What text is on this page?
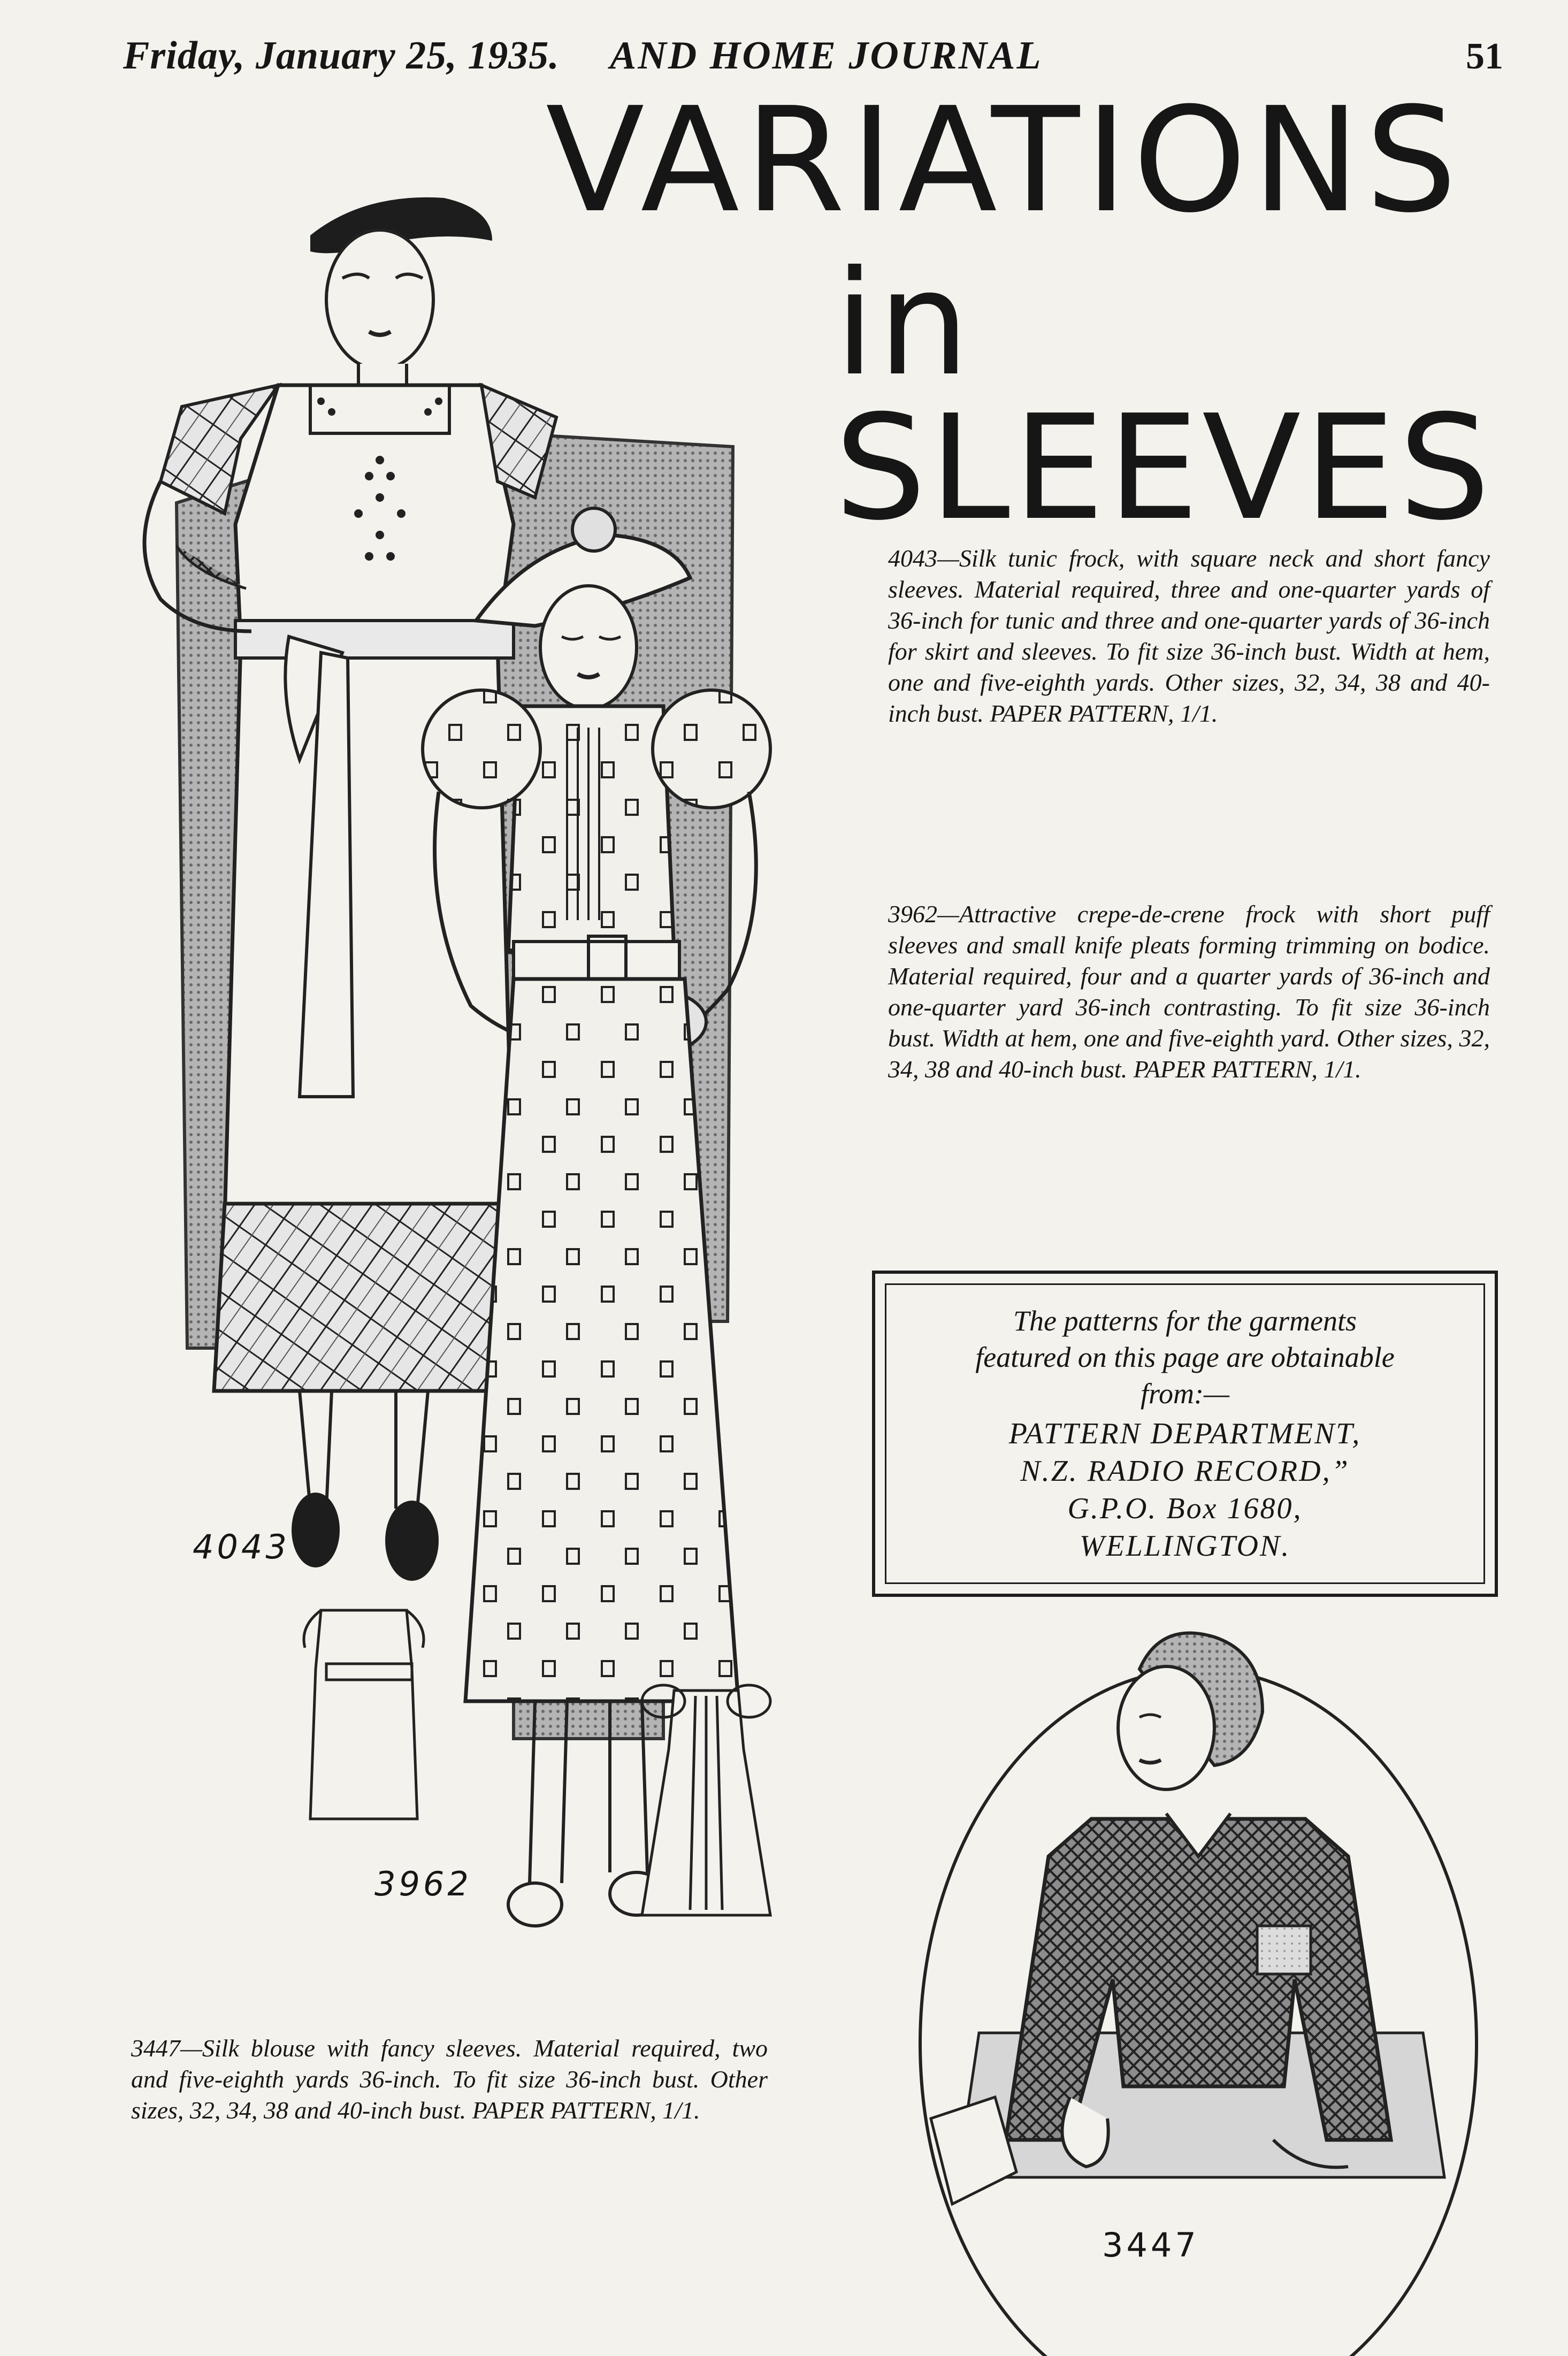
Friday, January 25, 1935. AND HOME JOURNAL	51
VARIATIONS
in SLEEVES
4043
3962
3447
4043—Silk tunic frock, with square neck and short fancy sleeves. Material required, three and one-quarter yards of 36-inch for tunic and three and one-quarter yards of 36-inch for skirt and sleeves. To fit size 36-inch bust. Width at hem, one and five-eighth yards. Other sizes, 32, 34, 38 and 40-inch bust. PAPER PATTERN, 1/1.
3962—Attractive crepe-de-crene frock with short puff sleeves and small knife pleats forming trimming on bodice. Material required, four and a quarter yards of 36-inch and one-quarter yard 36-inch contrasting. To fit size 36-inch bust. Width at hem, one and five-eighth yard. Other sizes, 32, 34, 38 and 40-inch bust. PAPER PATTERN, 1/1.
3447—Silk blouse with fancy sleeves. Material required, two and five-eighth yards 36-inch. To fit size 36-inch bust. Other sizes, 32, 34, 38 and 40-inch bust. PAPER PATTERN, 1/1.
The patterns for the garments
featured on this page are obtainable
from:—
PATTERN DEPARTMENT,
N.Z. RADIO RECORD,”
G.P.O. Box 1680,
WELLINGTON.
